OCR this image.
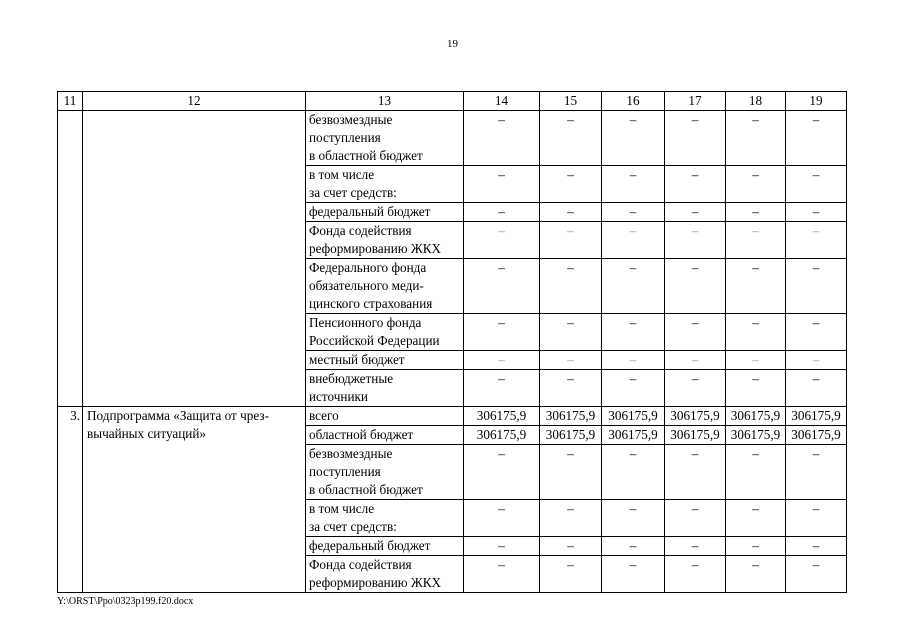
19
11	12	13	14	15	16	17	18	19

		безвозмездные
поступления
в областной бюджет	–	–	–	–	–	–

		в том числе
за счет средств:	–	–	–	–	–	–

		федеральный бюджет	–	–	–	–	–	–

		Фонда содействия
реформированию ЖКХ	–	–	–	–	–	–

		Федерального фонда
обязательного меди-
цинского страхования	–	–	–	–	–	–

		Пенсионного фонда
Российской Федерации	–	–	–	–	–	–

		местный бюджет	–	–	–	–	–	–

		внебюджетные
источники	–	–	–	–	–	–
3.	Подпрограмма «Защита от чрез-
вычайных ситуаций»	всего	306175,9	306175,9	306175,9	306175,9	306175,9	306175,9
		областной бюджет	306175,9	306175,9	306175,9	306175,9	306175,9	306175,9

		безвозмездные
поступления
в областной бюджет	–	–	–	–	–	–

		в том числе
за счет средств:	–	–	–	–	–	–
		федеральный бюджет	–	–	–	–	–	–

		Фонда содействия
реформированию ЖКХ	–	–	–	–	–	–
Y:\ORST\Ppo\0323p199.f20.docx
